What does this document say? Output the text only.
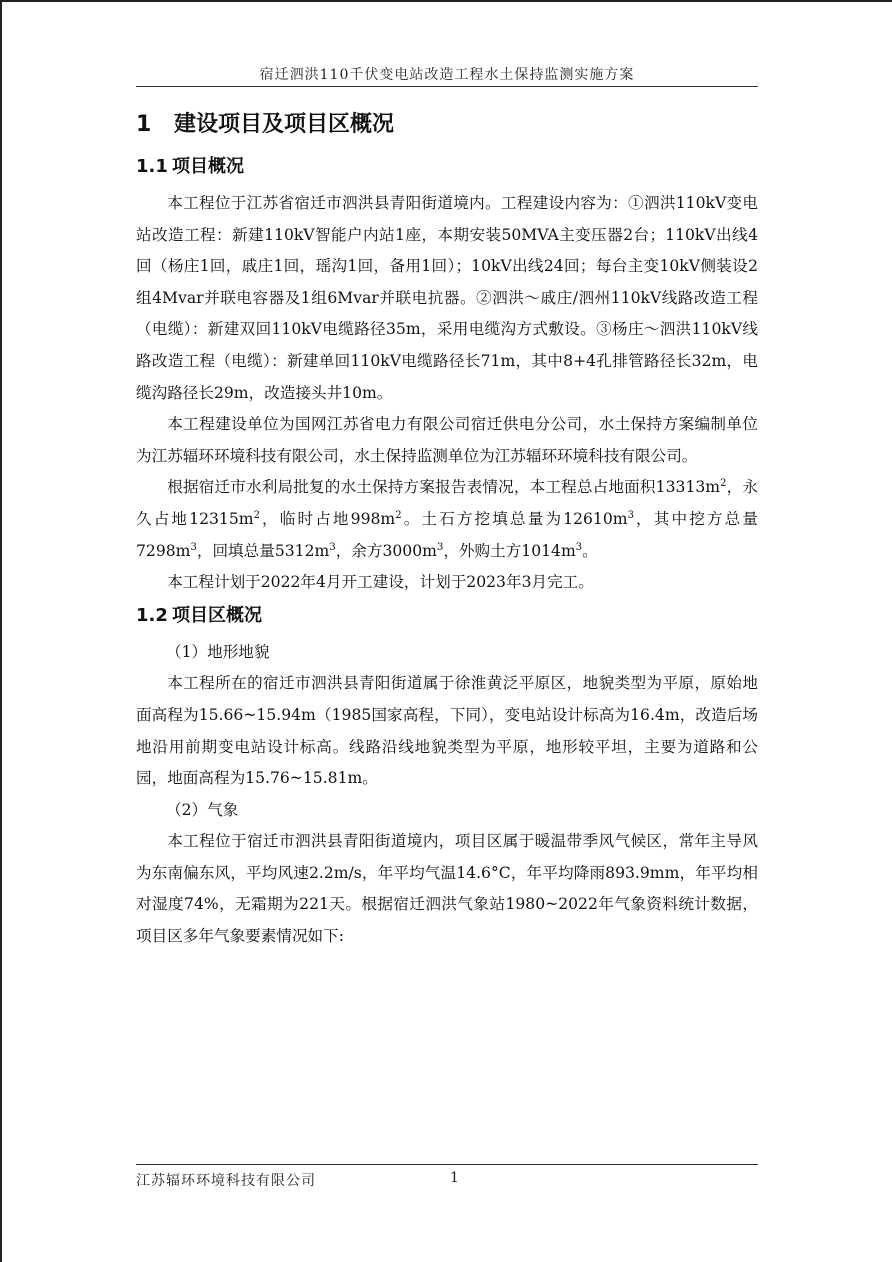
宿迁泗洪110千伏变电站改造工程水土保持监测实施方案
1 建设项目及项目区概况
1.1 项目概况

本工程位于江苏省宿迁市泗洪县青阳街道境内。工程建设内容为：①泗洪110kV变电站改造工程：新建110kV智能户内站1座，本期安装50MVA主变压器2台；110kV出线4回（杨庄1回，戚庄1回，瑶沟1回，备用1回）；10kV出线24回；每台主变10kV侧装设2组4Mvar并联电容器及1组6Mvar并联电抗器。②泗洪～戚庄/泗州110kV线路改造工程（电缆）：新建双回110kV电缆路径35m，采用电缆沟方式敷设。③杨庄～泗洪110kV线路改造工程（电缆）：新建单回110kV电缆路径长71m，其中8+4孔排管路径长32m，电缆沟路径长29m，改造接头井10m。

本工程建设单位为国网江苏省电力有限公司宿迁供电分公司，水土保持方案编制单位为江苏辐环环境科技有限公司，水土保持监测单位为江苏辐环环境科技有限公司。

根据宿迁市水利局批复的水土保持方案报告表情况，本工程总占地面积$13313m^2$，永久占地$12315m^2$，临时占地$998m^2$。土石方挖填总量为$12610m^3$，其中挖方总量$7298m^3$，回填总量$5312m^3$，余方$3000m^3$，外购土方$1014m^3$。

本工程计划于2022年4月开工建设，计划于2023年3月完工。

1.2 项目区概况
（1）地形地貌

本工程所在的宿迁市泗洪县青阳街道属于徐淮黄泛平原区，地貌类型为平原，原始地面高程为15.66~15.94m（1985国家高程，下同），变电站设计标高为16.4m，改造后场地沿用前期变电站设计标高。线路沿线地貌类型为平原，地形较平坦，主要为道路和公园，地面高程为15.76~15.81m。

（2）气象

本工程位于宿迁市泗洪县青阳街道境内，项目区属于暖温带季风气候区，常年主导风为东南偏东风，平均风速2.2m/s，年平均气温14.6°C，年平均降雨893.9mm，年平均相对湿度74%，无霜期为221天。根据宿迁泗洪气象站1980~2022年气象资料统计数据，项目区多年气象要素情况如下:

江苏辐环环境科技有限公司	1
